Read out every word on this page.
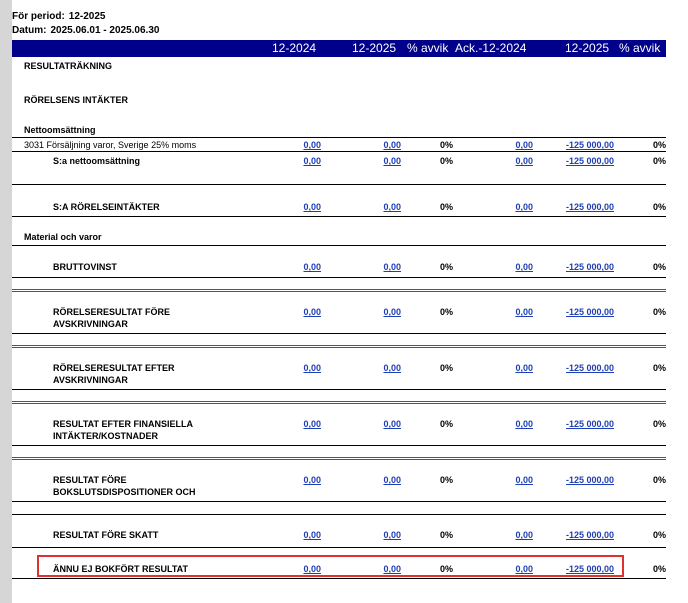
För period: 12-2025
Datum: 2025.06.01 - 2025.06.30
12-2024	12-2025 % avvik Ack.-12-2024	12-2025 % avvik
RESULTATRÄKNING
RÖRELSENS INTÄKTER
Nettoomsättning
Material och varor
3031 Försäljning varor, Sverige 25% moms	0,00	0,00	0%	0,00	-125 000,00	0%
S:a nettoomsättning	0,00	0,00	0%	0,00	-125 000,00	0%
S:A RÖRELSEINTÄKTER	0,00	0,00	0%	0,00	-125 000,00	0%
BRUTTOVINST	0,00	0,00	0%	0,00	-125 000,00	0%
RÖRELSERESULTAT FÖRE
AVSKRIVNINGAR
0,00	0,00	0%	0,00	-125 000,00	0%
RÖRELSERESULTAT EFTER
AVSKRIVNINGAR
0,00	0,00	0%	0,00	-125 000,00	0%
RESULTAT EFTER FINANSIELLA
INTÄKTER/KOSTNADER
0,00	0,00	0%	0,00	-125 000,00	0%
RESULTAT FÖRE
BOKSLUTSDISPOSITIONER OCH
0,00	0,00	0%	0,00	-125 000,00	0%
RESULTAT FÖRE SKATT	0,00	0,00	0%	0,00	-125 000,00	0%
ÄNNU EJ BOKFÖRT RESULTAT	0,00	0,00	0%	0,00	-125 000,00	0%
